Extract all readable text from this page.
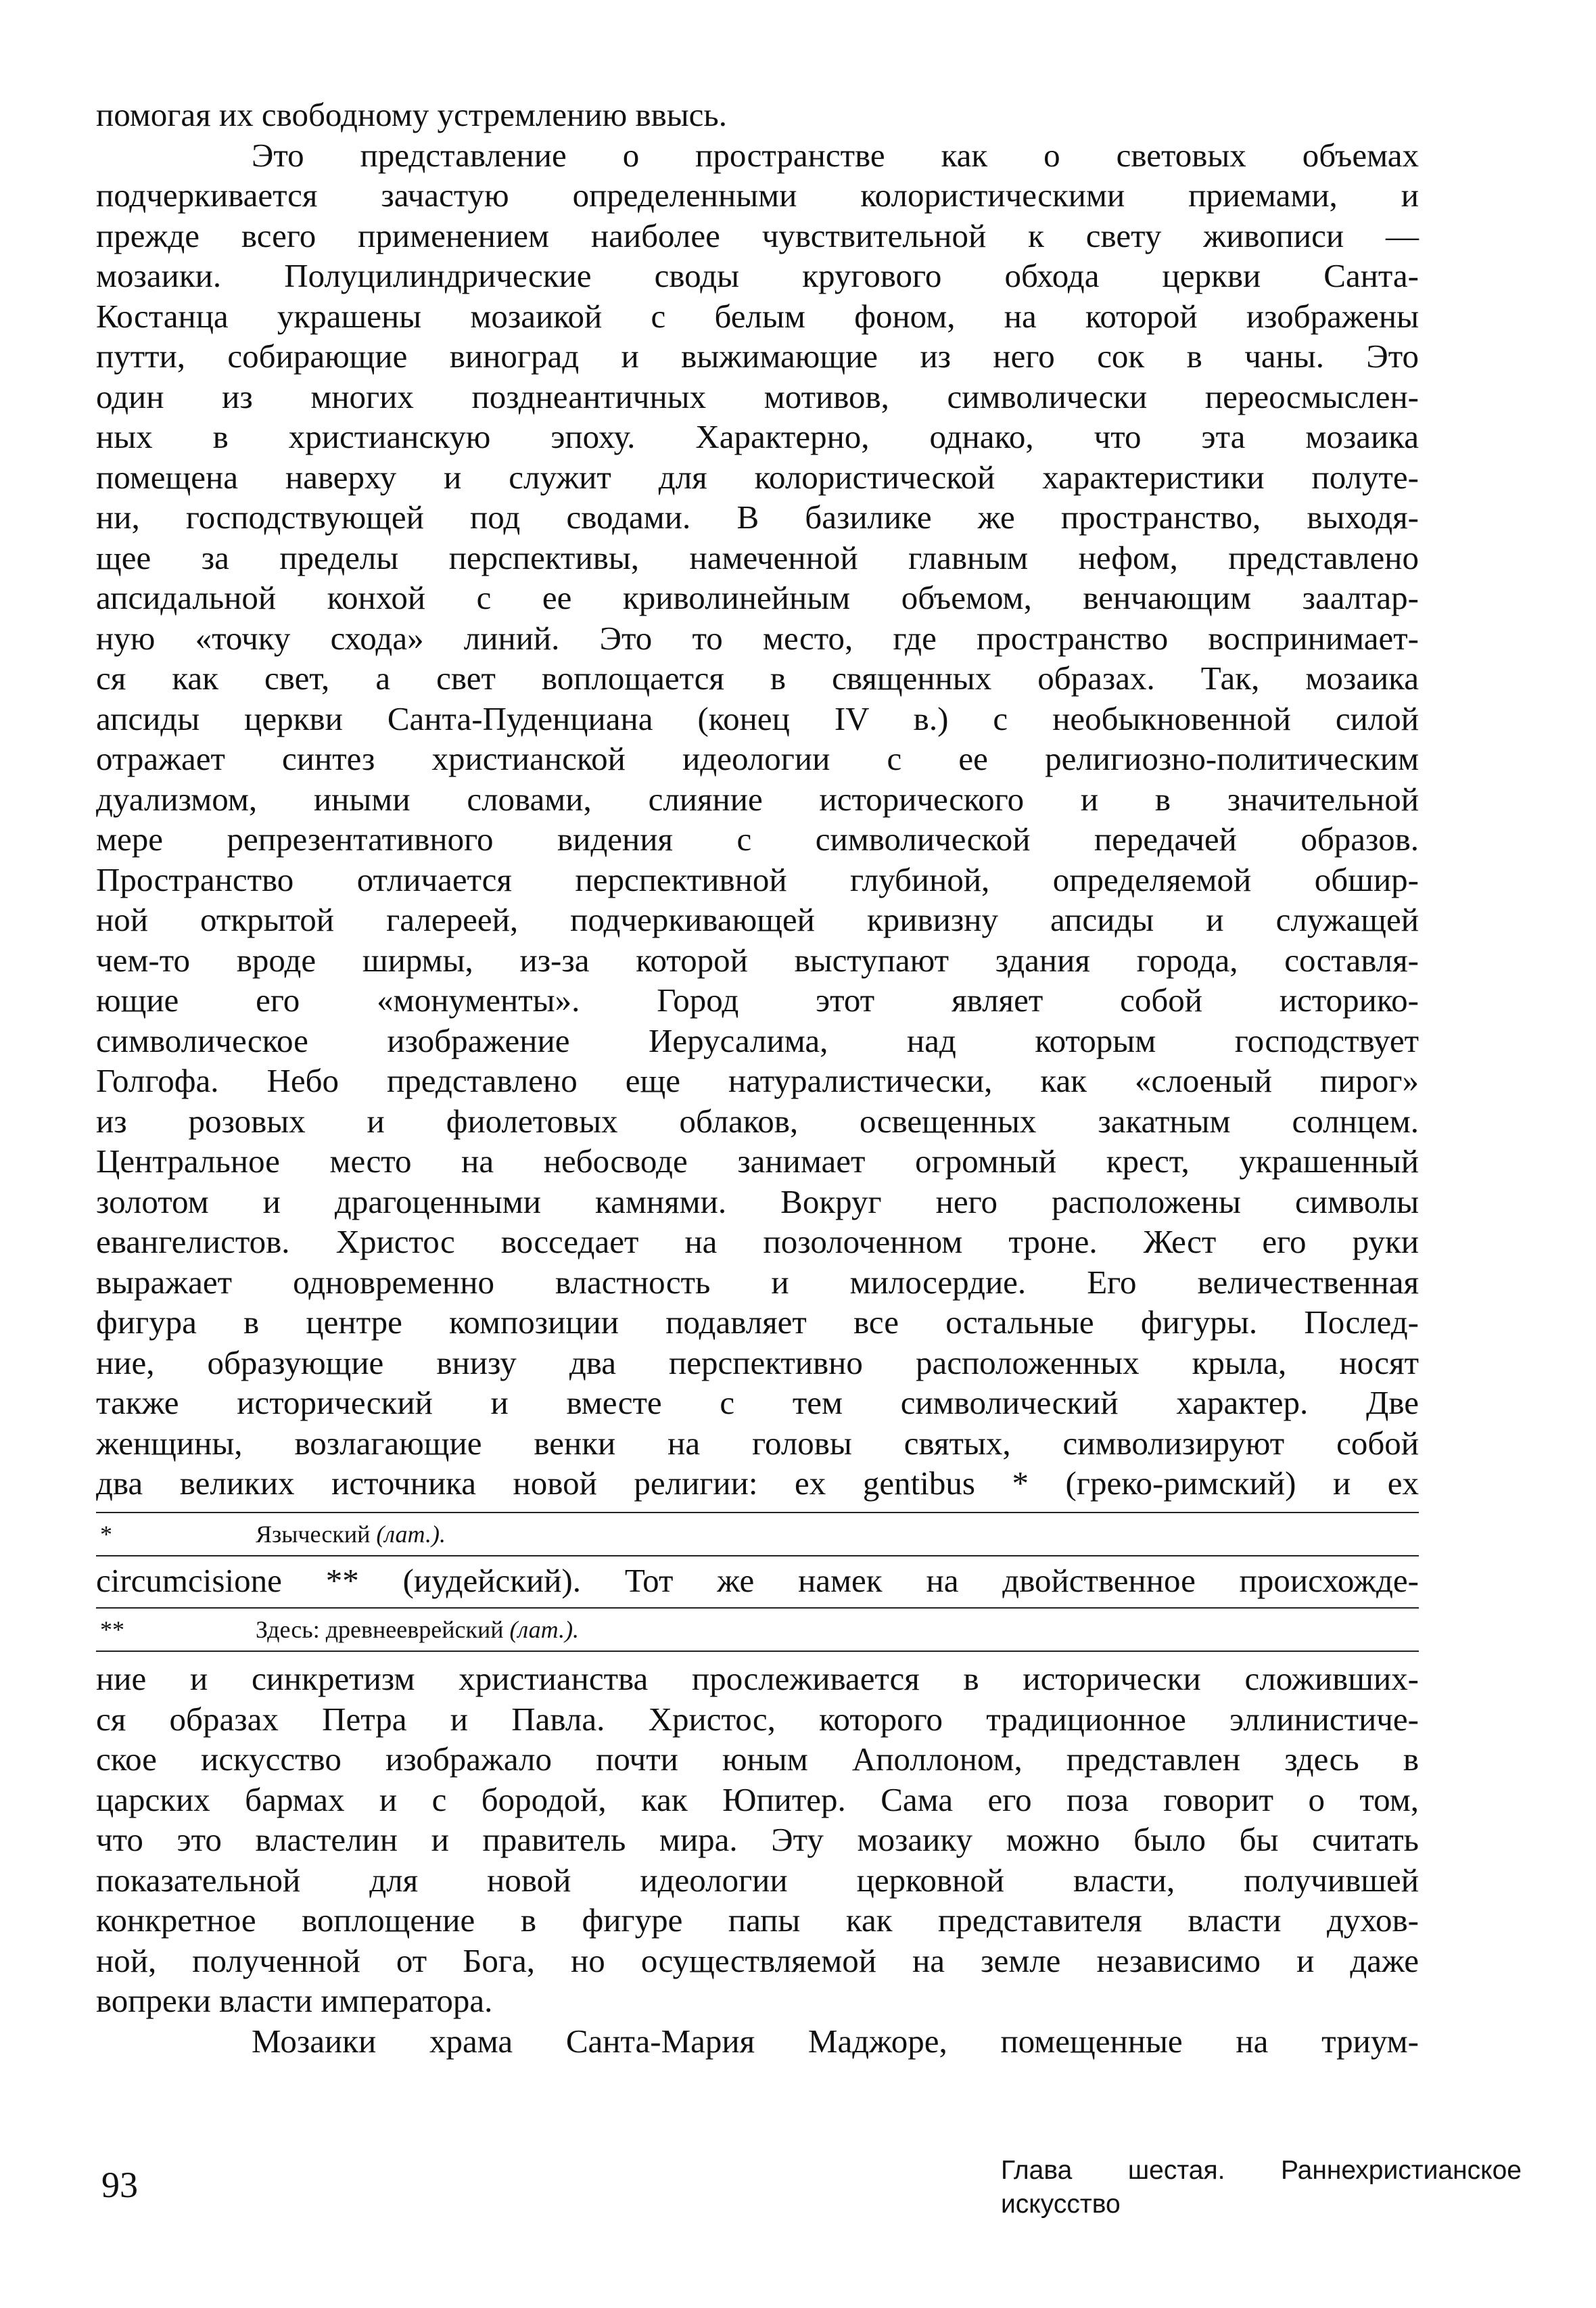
помогая их свободному устремлению ввысь.
Это представление о пространстве как о световых объемах
подчеркивается зачастую определенными колористическими приемами, и
прежде всего применением наиболее чувствительной к свету живописи —
мозаики. Полуцилиндрические своды кругового обхода церкви Санта-
Костанца украшены мозаикой с белым фоном, на которой изображены
путти, собирающие виноград и выжимающие из него сок в чаны. Это
один из многих позднеантичных мотивов, символически переосмыслен-
ных в христианскую эпоху. Характерно, однако, что эта мозаика
помещена наверху и служит для колористической характеристики полуте-
ни, господствующей под сводами. В базилике же пространство, выходя-
щее за пределы перспективы, намеченной главным нефом, представлено
апсидальной конхой с ее криволинейным объемом, венчающим заалтар-
ную «точку схода» линий. Это то место, где пространство воспринимает-
ся как свет, а свет воплощается в священных образах. Так, мозаика
апсиды церкви Санта-Пуденциана (конец IV в.) с необыкновенной силой
отражает синтез христианской идеологии с ее религиозно-политическим
дуализмом, иными словами, слияние исторического и в значительной
мере репрезентативного видения с символической передачей образов.
Пространство отличается перспективной глубиной, определяемой обшир-
ной открытой галереей, подчеркивающей кривизну апсиды и служащей
чем-то вроде ширмы, из-за которой выступают здания города, составля-
ющие его «монументы». Город этот являет собой историко-
символическое изображение Иерусалима, над которым господствует
Голгофа. Небо представлено еще натуралистически, как «слоеный пирог»
из розовых и фиолетовых облаков, освещенных закатным солнцем.
Центральное место на небосводе занимает огромный крест, украшенный
золотом и драгоценными камнями. Вокруг него расположены символы
евангелистов. Христос восседает на позолоченном троне. Жест его руки
выражает одновременно властность и милосердие. Его величественная
фигура в центре композиции подавляет все остальные фигуры. Послед-
ние, образующие внизу два перспективно расположенных крыла, носят
также исторический и вместе с тем символический характер. Две
женщины, возлагающие венки на головы святых, символизируют собой
два великих источника новой религии: ex gentibus * (греко-римский) и ex
*	Языческий (лат.).
circumcisione ** (иудейский). Тот же намек на двойственное происхожде-
**	Здесь: древнееврейский (лат.).
ние и синкретизм христианства прослеживается в исторически сложивших-
ся образах Петра и Павла. Христос, которого традиционное эллинистиче-
ское искусство изображало почти юным Аполлоном, представлен здесь в
царских бармах и с бородой, как Юпитер. Сама его поза говорит о том,
что это властелин и правитель мира. Эту мозаику можно было бы считать
показательной для новой идеологии церковной власти, получившей
конкретное воплощение в фигуре папы как представителя власти духов-
ной, полученной от Бога, но осуществляемой на земле независимо и даже
вопреки власти императора.
Мозаики храма Санта-Мария Маджоре, помещенные на триум-
93	Глава шестая. Раннехристианское
искусство
